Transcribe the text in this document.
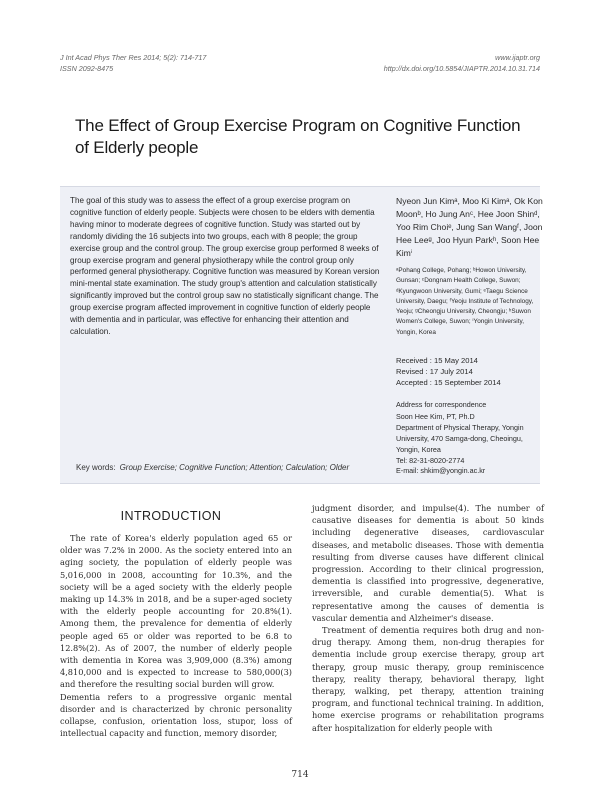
J Int Acad Phys Ther Res 2014; 5(2): 714-717
ISSN 2092-8475
www.ijaptr.org
http://dx.doi.org/10.5854/JIAPTR.2014.10.31.714
The Effect of Group Exercise Program on Cognitive Function of Elderly people
The goal of this study was to assess the effect of a group exercise program on cognitive function of elderly people. Subjects were chosen to be elders with dementia having minor to moderate degrees of cognitive function. Study was started out by randomly dividing the 16 subjects into two groups, each with 8 people; the group exercise group and the control group. The group exercise group performed 8 weeks of group exercise program and general physiotherapy while the control group only performed general physiotherapy. Cognitive function was measured by Korean version mini-mental state examination. The study group's attention and calculation statistically significantly improved but the control group saw no statistically significant change. The group exercise program affected improvement in cognitive function of elderly people with dementia and in particular, was effective for enhancing their attention and calculation.
Key words: Group Exercise; Cognitive Function; Attention; Calculation; Older
Nyeon Jun Kimᵃ, Moo Ki Kimᵃ, Ok Kon Moonᵇ, Ho Jung Anᶜ, Hee Joon Shinᵈ, Yoo Rim Choiᵉ, Jung San Wangᶠ, Joon Hee Leeᵍ, Joo Hyun Parkʰ, Soon Hee Kimⁱ
ᵃPohang College, Pohang; ᵇHowon University, Gunsan; ᶜDongnam Health College, Suwon; ᵈKyungwoon University, Gumi; ᵉTaegu Science University, Daegu; ᶠYeoju Institute of Technology, Yeoju; ᵍCheongju University, Cheongju; ʰSuwon Women's College, Suwon; ⁱYongin University, Yongin, Korea
Received : 15 May 2014
Revised : 17 July 2014
Accepted : 15 September 2014
Address for correspondence
Soon Hee Kim, PT, Ph.D
Department of Physical Therapy, Yongin University, 470 Samga-dong, Cheoingu, Yongin, Korea
Tel: 82-31-8020-2774
E-mail: shkim@yongin.ac.kr
INTRODUCTION

The rate of Korea's elderly population aged 65 or older was 7.2% in 2000. As the society entered into an aging society, the population of elderly people was 5,016,000 in 2008, accounting for 10.3%, and the society will be a aged society with the elderly people making up 14.3% in 2018, and be a super-aged society with the elderly people accounting for 20.8%(1). Among them, the prevalence for dementia of elderly people aged 65 or older was reported to be 6.8 to 12.8%(2). As of 2007, the number of elderly people with dementia in Korea was 3,909,000 (8.3%) among 4,810,000 and is expected to increase to 580,000(3) and therefore the resulting social burden will grow.

Dementia refers to a progressive organic mental disorder and is characterized by chronic personality collapse, confusion, orientation loss, stupor, loss of intellectual capacity and function, memory disorder,

judgment disorder, and impulse(4). The number of causative diseases for dementia is about 50 kinds including degenerative diseases, cardiovascular diseases, and metabolic diseases. Those with dementia resulting from diverse causes have different clinical progression. According to their clinical progression, dementia is classified into progressive, degenerative, irreversible, and curable dementia(5). What is representative among the causes of dementia is vascular dementia and Alzheimer's disease.

Treatment of dementia requires both drug and non-drug therapy. Among them, non-drug therapies for dementia include group exercise therapy, group art therapy, group music therapy, group reminiscence therapy, reality therapy, behavioral therapy, light therapy, walking, pet therapy, attention training program, and functional technical training. In addition, home exercise programs or rehabilitation programs after hospitalization for elderly people with

714
